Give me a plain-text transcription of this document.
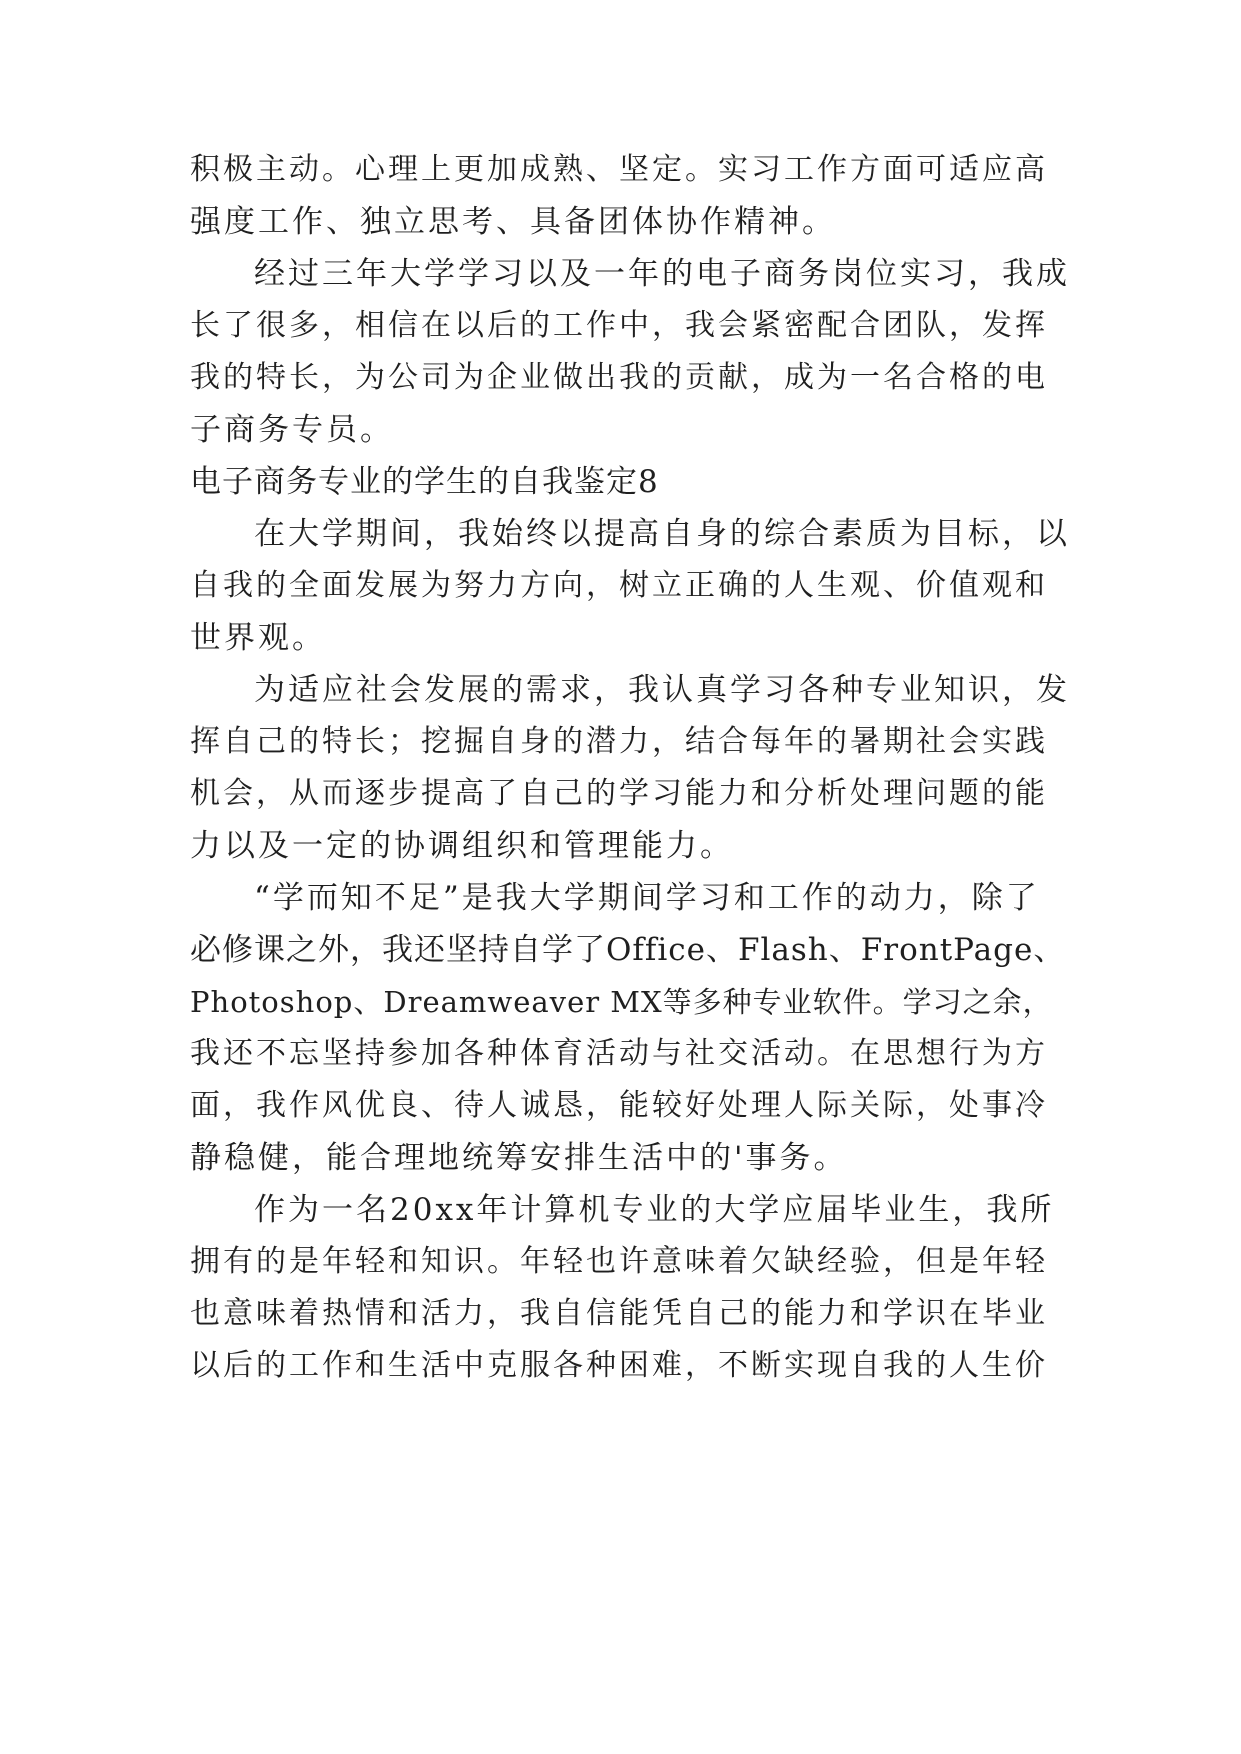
积极主动。心理上更加成熟、坚定。实习工作方面可适应高
强度工作、独立思考、具备团体协作精神。
经过三年大学学习以及一年的电子商务岗位实习，我成
长了很多，相信在以后的工作中，我会紧密配合团队，发挥
我的特长，为公司为企业做出我的贡献，成为一名合格的电
子商务专员。
电子商务专业的学生的自我鉴定8
在大学期间，我始终以提高自身的综合素质为目标，以
自我的全面发展为努力方向，树立正确的人生观、价值观和
世界观。
为适应社会发展的需求，我认真学习各种专业知识，发
挥自己的特长；挖掘自身的潜力，结合每年的暑期社会实践
机会，从而逐步提高了自己的学习能力和分析处理问题的能
力以及一定的协调组织和管理能力。
“学而知不足”是我大学期间学习和工作的动力，除了
必修课之外，我还坚持自学了Office、Flash、FrontPage、
Photoshop、Dreamweaver MX等多种专业软件。学习之余，
我还不忘坚持参加各种体育活动与社交活动。在思想行为方
面，我作风优良、待人诚恳，能较好处理人际关际，处事冷
静稳健，能合理地统筹安排生活中的'事务。
作为一名20xx年计算机专业的大学应届毕业生，我所
拥有的是年轻和知识。年轻也许意味着欠缺经验，但是年轻
也意味着热情和活力，我自信能凭自己的能力和学识在毕业
以后的工作和生活中克服各种困难，不断实现自我的人生价
